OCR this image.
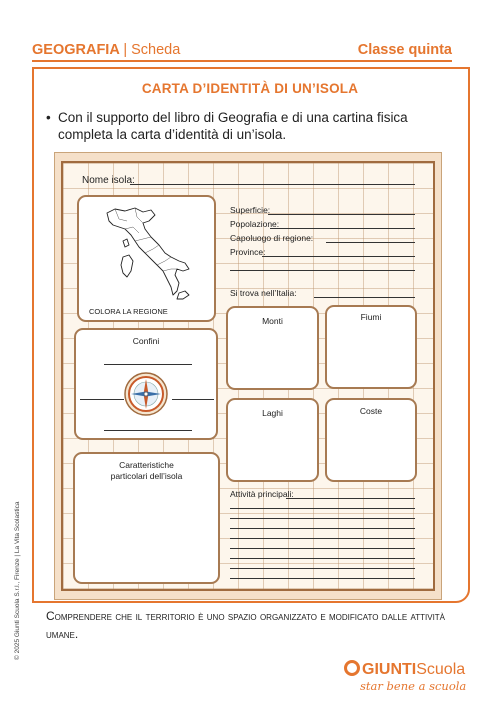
GEOGRAFIA | Scheda	Classe quinta
CARTA D’IDENTITÀ DI UN’ISOLA
• Con il supporto del libro di Geografia e di una cartina fisica completa la carta d’identità di un’isola.
Nome isola:
COLORA LA REGIONE
Superficie:
Popolazione:
Capoluogo di regione:
Province:
Si trova nell’Italia:
Confini
Monti	Fiumi
Laghi	Coste
Caratteristiche
particolari dell’isola
Attività principali:
Comprendere che il territorio è uno spazio organizzato e modificato dalle attività umane.
© 2025 Giunti Scuola S.r.l., Firenze | La Vita Scolastica
GIUNTIScuola
star bene a scuola
